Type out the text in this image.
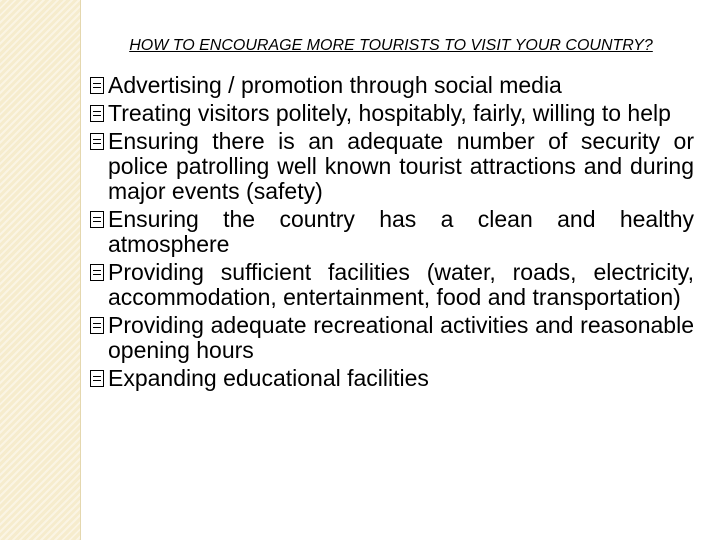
HOW TO ENCOURAGE MORE TOURISTS TO VISIT YOUR COUNTRY?
Advertising / promotion through social media
Treating visitors politely, hospitably, fairly, willing to help
Ensuring there is an adequate number of security or police patrolling well known tourist attractions and during major events (safety)
Ensuring the country has a clean and healthy atmosphere
Providing sufficient facilities (water, roads, electricity, accommodation, entertainment, food and transportation)
Providing adequate recreational activities and reasonable opening hours
Expanding educational facilities
